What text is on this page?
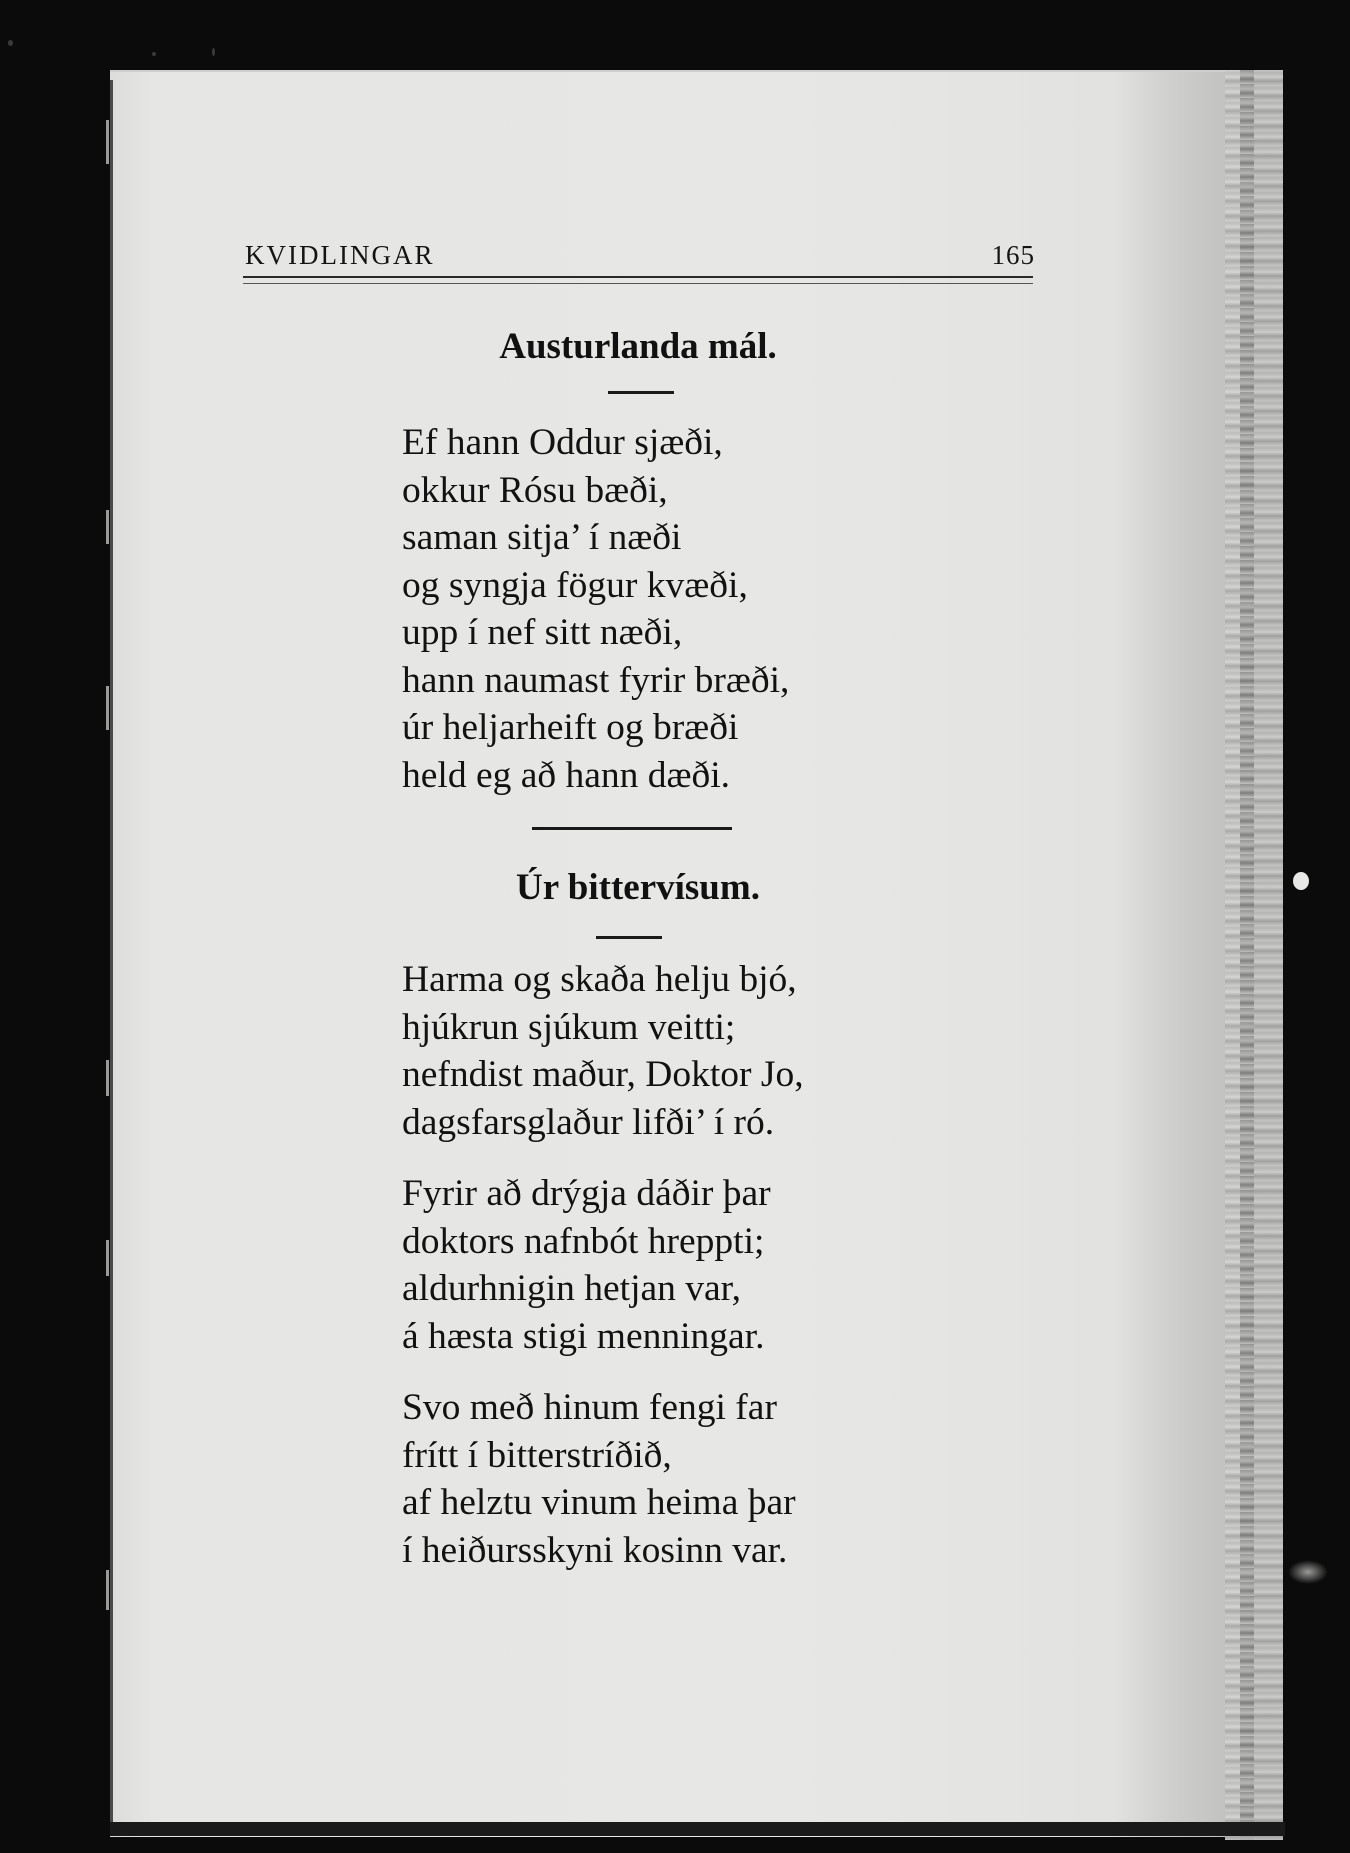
KVIDLINGAR	165
Austurlanda mál.
Ef hann Oddur sjæði,
okkur Rósu bæði,
saman sitja’ í næði
og syngja fögur kvæði,
upp í nef sitt næði,
hann naumast fyrir bræði,
úr heljarheift og bræði
held eg að hann dæði.
Úr bittervísum.
Harma og skaða helju bjó,
hjúkrun sjúkum veitti;
nefndist maður, Doktor Jo,
dagsfarsglaður lifði’ í ró.
Fyrir að drýgja dáðir þar
doktors nafnbót hreppti;
aldurhnigin hetjan var,
á hæsta stigi menningar.
Svo með hinum fengi far
frítt í bitterstríðið,
af helztu vinum heima þar
í heiðursskyni kosinn var.
